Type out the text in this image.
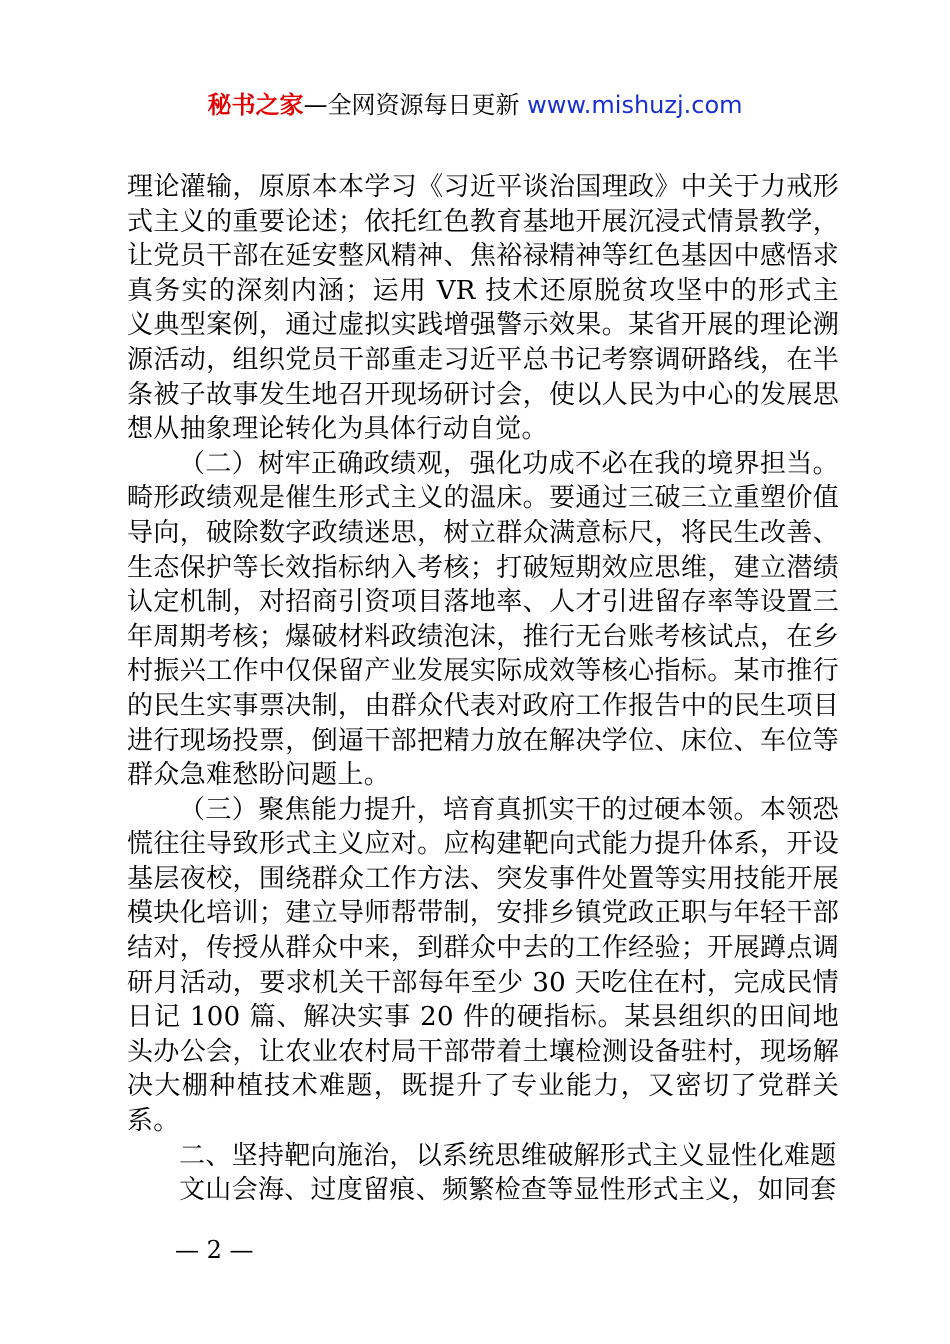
秘书之家—全网资源每日更新 www.mishuzj.com

理论灌输，原原本本学习《习近平谈治国理政》中关于力戒形式主义的重要论述；依托红色教育基地开展沉浸式情景教学，让党员干部在延安整风精神、焦裕禄精神等红色基因中感悟求真务实的深刻内涵；运用 VR 技术还原脱贫攻坚中的形式主义典型案例，通过虚拟实践增强警示效果。某省开展的理论溯源活动，组织党员干部重走习近平总书记考察调研路线，在半条被子故事发生地召开现场研讨会，使以人民为中心的发展思想从抽象理论转化为具体行动自觉。

（二）树牢正确政绩观，强化功成不必在我的境界担当。畸形政绩观是催生形式主义的温床。要通过三破三立重塑价值导向，破除数字政绩迷思，树立群众满意标尺，将民生改善、生态保护等长效指标纳入考核；打破短期效应思维，建立潜绩认定机制，对招商引资项目落地率、人才引进留存率等设置三年周期考核；爆破材料政绩泡沫，推行无台账考核试点，在乡村振兴工作中仅保留产业发展实际成效等核心指标。某市推行的民生实事票决制，由群众代表对政府工作报告中的民生项目进行现场投票，倒逼干部把精力放在解决学位、床位、车位等群众急难愁盼问题上。

（三）聚焦能力提升，培育真抓实干的过硬本领。本领恐慌往往导致形式主义应对。应构建靶向式能力提升体系，开设基层夜校，围绕群众工作方法、突发事件处置等实用技能开展模块化培训；建立导师帮带制，安排乡镇党政正职与年轻干部结对，传授从群众中来，到群众中去的工作经验；开展蹲点调研月活动，要求机关干部每年至少 30 天吃住在村，完成民情日记 100 篇、解决实事 20 件的硬指标。某县组织的田间地头办公会，让农业农村局干部带着土壤检测设备驻村，现场解决大棚种植技术难题，既提升了专业能力，又密切了党群关系。

二、坚持靶向施治，以系统思维破解形式主义显性化难题

文山会海、过度留痕、频繁检查等显性形式主义，如同套

— 2 —
